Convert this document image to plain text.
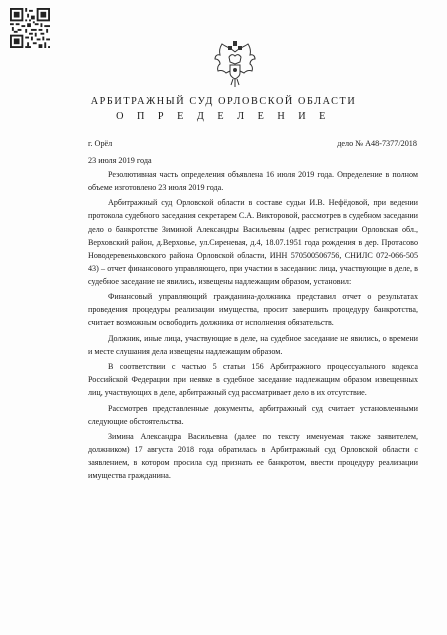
АРБИТРАЖНЫЙ СУД ОРЛОВСКОЙ ОБЛАСТИ
О П Р Е Д Е Л Е Н И Е
г. Орёл	дело № А48-7377/2018
23 июля 2019 года

Резолютивная часть определения объявлена 16 июля 2019 года. Определение в полном объеме изготовлено 23 июля 2019 года.

Арбитражный суд Орловской области в составе судьи И.В. Нефёдовой, при ведении протокола судебного заседания секретарем С.А. Викторовой, рассмотрев в судебном заседании дело о банкротстве Зиминой Александры Васильевны (адрес регистрации Орловская обл., Верховский район, д.Верховье, ул.Сиреневая, д.4, 18.07.1951 года рождения в дер. Протасово Новодеревеньковского района Орловской области, ИНН 570500506756, СНИЛС 072-066-505 43) – отчет финансового управляющего, при участии в заседании: лица, участвующие в деле, в судебное заседание не явились, извещены надлежащим образом, установил:

Финансовый управляющий гражданина-должника представил отчет о результатах проведения процедуры реализации имущества, просит завершить процедуру банкротства, считает возможным освободить должника от исполнения обязательств.

Должник, иные лица, участвующие в деле, на судебное заседание не явились, о времени и месте слушания дела извещены надлежащим образом.

В соответствии с частью 5 статьи 156 Арбитражного процессуального кодекса Российской Федерации при неявке в судебное заседание надлежащим образом извещенных лиц, участвующих в деле, арбитражный суд рассматривает дело в их отсутствие.

Рассмотрев представленные документы, арбитражный суд считает установленными следующие обстоятельства.

Зимина Александра Васильевна (далее по тексту именуемая также заявителем, должником) 17 августа 2018 года обратилась в Арбитражный суд Орловской области с заявлением, в котором просила суд признать ее банкротом, ввести процедуру реализации имущества гражданина.
